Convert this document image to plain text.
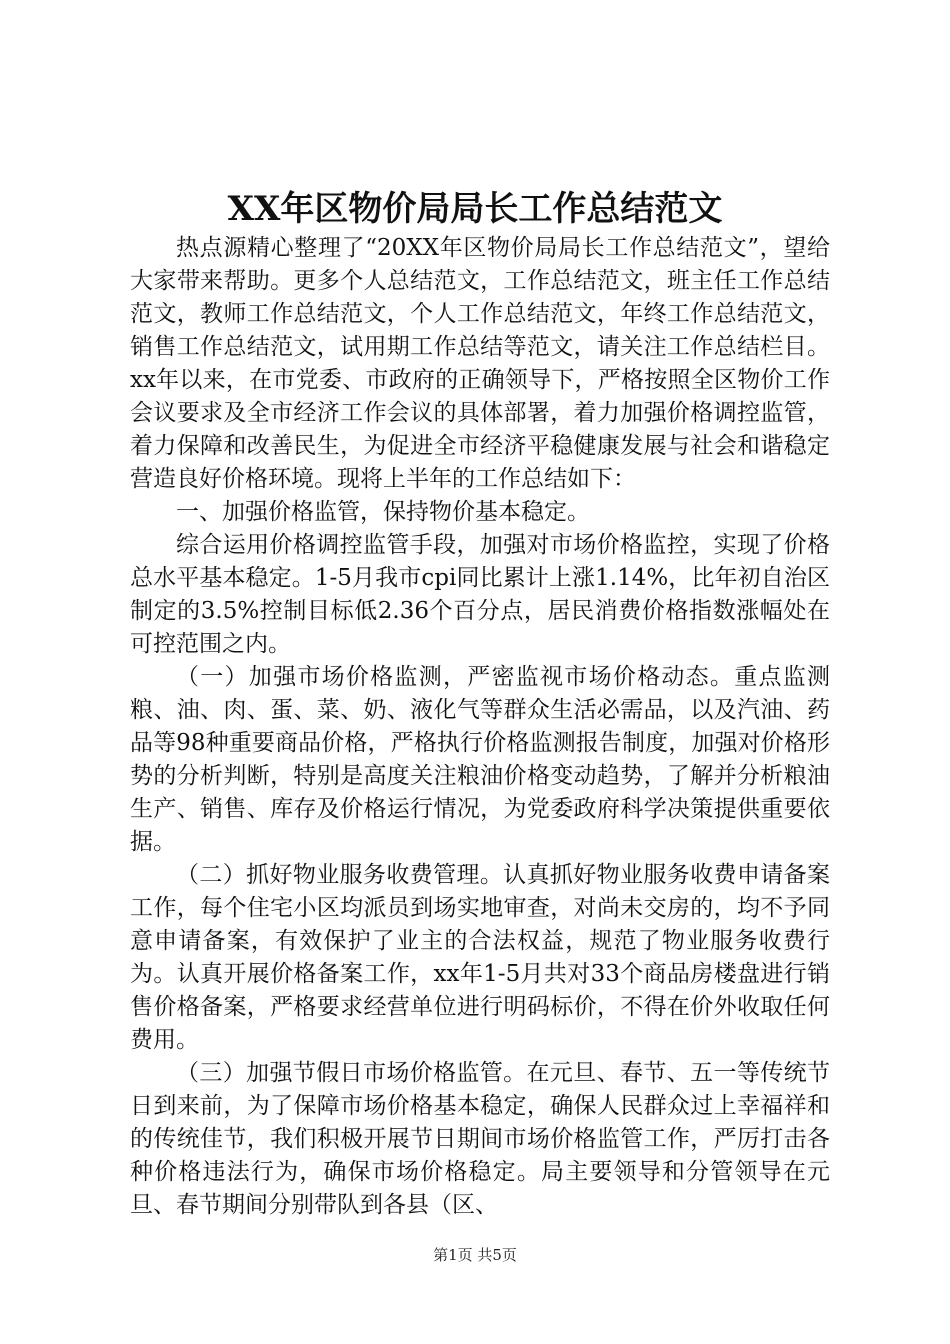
XX年区物价局局长工作总结范文

热点源精心整理了“20XX年区物价局局长工作总结范文”，望给大家带来帮助。更多个人总结范文，工作总结范文，班主任工作总结范文，教师工作总结范文，个人工作总结范文，年终工作总结范文，销售工作总结范文，试用期工作总结等范文，请关注工作总结栏目。xx年以来，在市党委、市政府的正确领导下，严格按照全区物价工作会议要求及全市经济工作会议的具体部署，着力加强价格调控监管，着力保障和改善民生，为促进全市经济平稳健康发展与社会和谐稳定营造良好价格环境。现将上半年的工作总结如下：

一、加强价格监管，保持物价基本稳定。

综合运用价格调控监管手段，加强对市场价格监控，实现了价格总水平基本稳定。1-5月我市cpi同比累计上涨1.14%，比年初自治区制定的3.5%控制目标低2.36个百分点，居民消费价格指数涨幅处在可控范围之内。

（一）加强市场价格监测，严密监视市场价格动态。重点监测粮、油、肉、蛋、菜、奶、液化气等群众生活必需品，以及汽油、药品等98种重要商品价格，严格执行价格监测报告制度，加强对价格形势的分析判断，特别是高度关注粮油价格变动趋势，了解并分析粮油生产、销售、库存及价格运行情况，为党委政府科学决策提供重要依据。

（二）抓好物业服务收费管理。认真抓好物业服务收费申请备案工作，每个住宅小区均派员到场实地审查，对尚未交房的，均不予同意申请备案，有效保护了业主的合法权益，规范了物业服务收费行为。认真开展价格备案工作，xx年1-5月共对33个商品房楼盘进行销售价格备案，严格要求经营单位进行明码标价，不得在价外收取任何费用。

（三）加强节假日市场价格监管。在元旦、春节、五一等传统节日到来前，为了保障市场价格基本稳定，确保人民群众过上幸福祥和的传统佳节，我们积极开展节日期间市场价格监管工作，严厉打击各种价格违法行为，确保市场价格稳定。局主要领导和分管领导在元旦、春节期间分别带队到各县（区、

第1页 共5页
